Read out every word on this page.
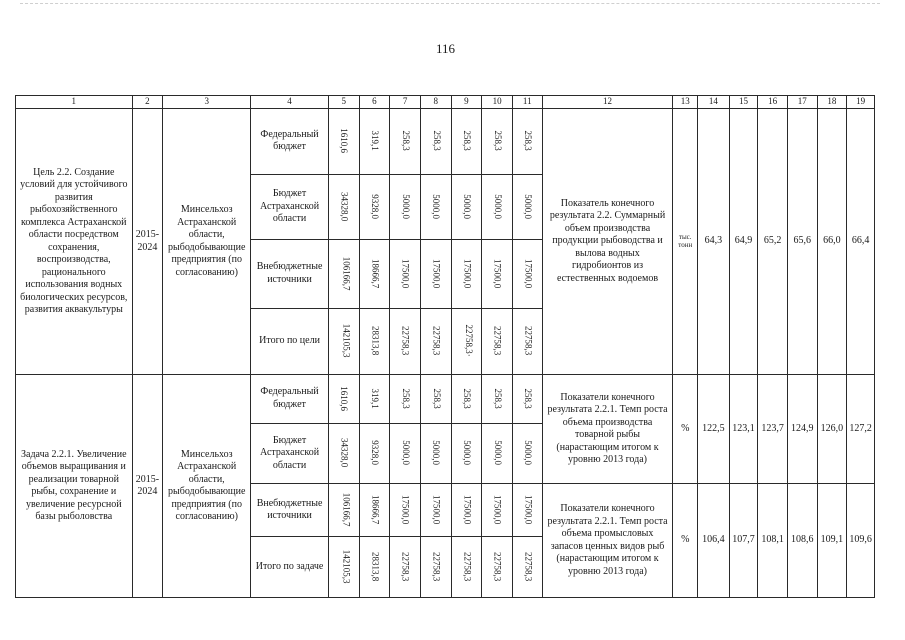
116
1	2	3	4	5	6	7	8	9	10	11	12	13	14	15	16	17	18	19
Цель 2.2. Создание условий для устойчивого развития рыбохозяйственного комплекса Астраханской области посредством сохранения, воспроизводства, рационального использования водных биологических ресурсов, развития аквакультуры	2015-2024	Минсельхоз Астраханской области, рыбодобывающие предприятия (по согласованию)	Федеральный бюджет	1610,6	319,1	258,3	258,3	258,3	258,3	258,3	Показатель конечного результата 2.2. Суммарный объем производства продукции рыбоводства и вылова водных гидробионтов из естественных водоемов	тыс. тонн	64,3	64,9	65,2	65,6	66,0	66,4
			Бюджет Астраханской области	34328,0	9328,0	5000,0	5000,0	5000,0	5000,0	5000,0								
			Внебюджетные источники	106166,7	18666,7	17500,0	17500,0	17500,0	17500,0	17500,0								
			Итого по цели	142105,3	28313,8	22758,3	22758,3	22758,3·	22758,3	22758,3								
Задача 2.2.1. Увеличение объемов выращивания и реализации товарной рыбы, сохранение и увеличение ресурсной базы рыболовства	2015-2024	Минсельхоз Астраханской области, рыбодобывающие предприятия (по согласованию)	Федеральный бюджет	1610,6	319,1	258,3	258,3	258,3	258,3	258,3	Показатели конечного результата 2.2.1. Темп роста объема производства товарной рыбы (нарастающим итогом к уровню 2013 года)	%	122,5	123,1	123,7	124,9	126,0	127,2
			Бюджет Астраханской области	34328,0	9328,0	5000,0	5000,0	5000,0	5000,0	5000,0								
			Внебюджетные источники	106166,7	18666,7	17500,0	17500,0	17500,0	17500,0	17500,0	Показатели конечного результата 2.2.1. Темп роста объема промысловых запасов ценных видов рыб (нарастающим итогом к уровню 2013 года)	%	106,4	107,7	108,1	108,6	109,1	109,6
			Итого по задаче	142105,3	28313,8	22758,3	22758,3	22758,3	22758,3	22758,3								
